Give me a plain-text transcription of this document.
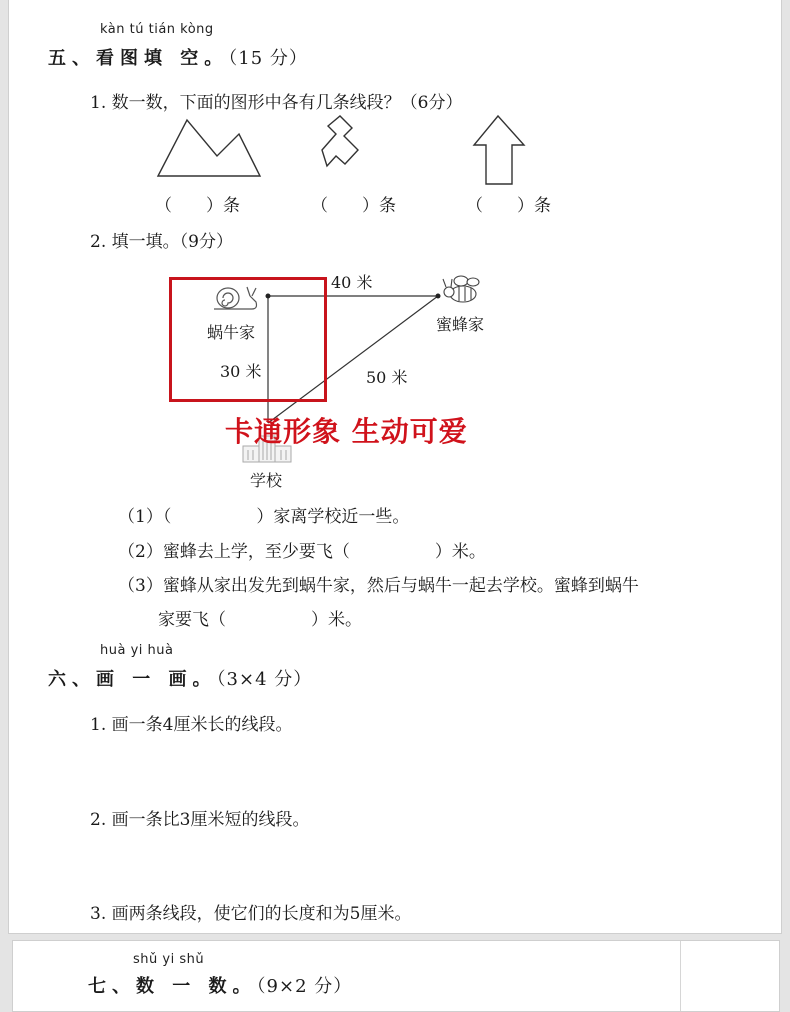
kàn tú tián kòng
五、看图填 空。（15 分）
1. 数一数，下面的图形中各有几条线段？（6分）
（　　）条	（　　）条	（　　）条
2. 填一填。（9分）
蜗牛家	蜜蜂家
学校
40 米
30 米	50 米
卡通形象 生动可爱
（1）（　　　　　）家离学校近一些。
（2）蜜蜂去上学，至少要飞（　　　　　）米。
（3）蜜蜂从家出发先到蜗牛家，然后与蜗牛一起去学校。蜜蜂到蜗牛
家要飞（　　　　　）米。
huà yi huà
六、画 一 画。（3×4 分）
1. 画一条4厘米长的线段。
2. 画一条比3厘米短的线段。
3. 画两条线段，使它们的长度和为5厘米。
shǔ yi shǔ
七、数 一 数。（9×2 分）
